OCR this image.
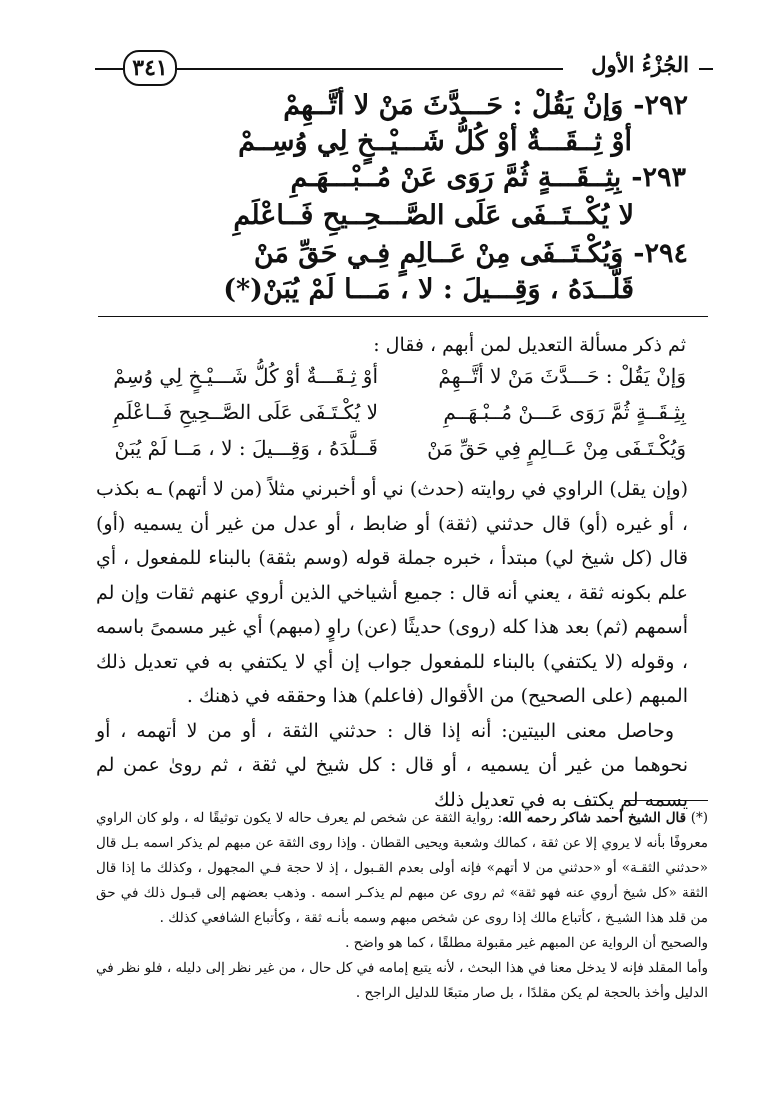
٣٤١	الجُزْءُ الأول
٢٩٢-وَإنْ يَقُلْ : حَـــدَّثَ مَنْ لا أتَّــهِمْ
أوْ ثِــقَـــةٌ أوْ كُلُّ شَـــيْــخٍ لِي وُسِــمْ
٢٩٣-بِثِــقَـــةٍ ثُمَّ رَوَى عَنْ مُــبْـــهَـمِ
لا يُكْــتَــفَى عَلَى الصَّـــحِــيحِ فَــاعْلَمِ
٢٩٤-وَيُكْـتَــفَى مِنْ عَــالِمٍ فِـي حَقِّ مَنْ
قَلَّــدَهُ ، وَقِـــيلَ : لا ، مَـــا لَمْ يُبَنْ(*)
ثم ذكر مسألة التعديل لمن أبهم ، فقال :
وَإنْ يَقُلْ : حَـــدَّثَ مَنْ لا أتَّــهِمْ
أوْ ثِـقَـــةٌ أوْ كُلُّ شَـــيْـخٍ لِي وُسِمْ
بِثِـقَــةٍ ثُمَّ رَوَى عَـــنْ مُــبْـهَــمِ
لا يُكْـتَـفَى عَلَى الصَّــحِيحِ فَــاعْلَمِ
وَيُكْـتَـفَى مِنْ عَــالِمٍ فِي حَقِّ مَنْ
قَــلَّدَهُ ، وَقِـــيلَ : لا ، مَــا لَمْ يُبَنْ

(وإن يقل) الراوي في روايته (حدث) ني أو أخبرني مثلاً (من لا أتهم) ـه بكذب ، أو غيره (أو) قال حدثني (ثقة) أو ضابط ، أو عدل من غير أن يسميه (أو) قال (كل شيخ لي) مبتدأ ، خبره جملة قوله (وسم بثقة) بالبناء للمفعول ، أي علم بكونه ثقة ، يعني أنه قال : جميع أشياخي الذين أروي عنهم ثقات وإن لم أسمهم (ثم) بعد هذا كله (روى) حديثًا (عن) راوٍ (مبهم) أي غير مسمىً باسمه ، وقوله (لا يكتفي) بالبناء للمفعول جواب إن أي لا يكتفي به في تعديل ذلك المبهم (على الصحيح) من الأقوال (فاعلم) هذا وحققه في ذهنك .

وحاصل معنى البيتين: أنه إذا قال : حدثني الثقة ، أو من لا أتهمه ، أو نحوهما من غير أن يسميه ، أو قال : كل شيخ لي ثقة ، ثم روىٰ عمن لم يسمه لم يكتف به في تعديل ذلك

(*) قال الشيخ أحمد شاكر رحمه الله: رواية الثقة عن شخص لم يعرف حاله لا يكون توثيقًا له ، ولو كان الراوي معروفًا بأنه لا يروي إلا عن ثقة ، كمالك وشعبة ويحيى القطان . وإذا روى الثقة عن مبهم لم يذكر اسمه بـل قال «حدثني الثقـة» أو «حدثني من لا أتهم» فإنه أولى بعدم القـبول ، إذ لا حجة فـي المجهول ، وكذلك ما إذا قال الثقة «كل شيخ أروي عنه فهو ثقة» ثم روى عن مبهم لم يذكـر اسمه . وذهب بعضهم إلى قبـول ذلك في حق من قلد هذا الشيـخ ، كأتباع مالك إذا روى عن شخص مبهم وسمه بأنـه ثقة ، وكأتباع الشافعي كذلك .

والصحيح أن الرواية عن المبهم غير مقبولة مطلقًا ، كما هو واضح .

وأما المقلد فإنه لا يدخل معنا في هذا البحث ، لأنه يتبع إمامه في كل حال ، من غير نظر إلى دليله ، فلو نظر في الدليل وأخذ بالحجة لم يكن مقلدًا ، بل صار متبعًا للدليل الراجح .
